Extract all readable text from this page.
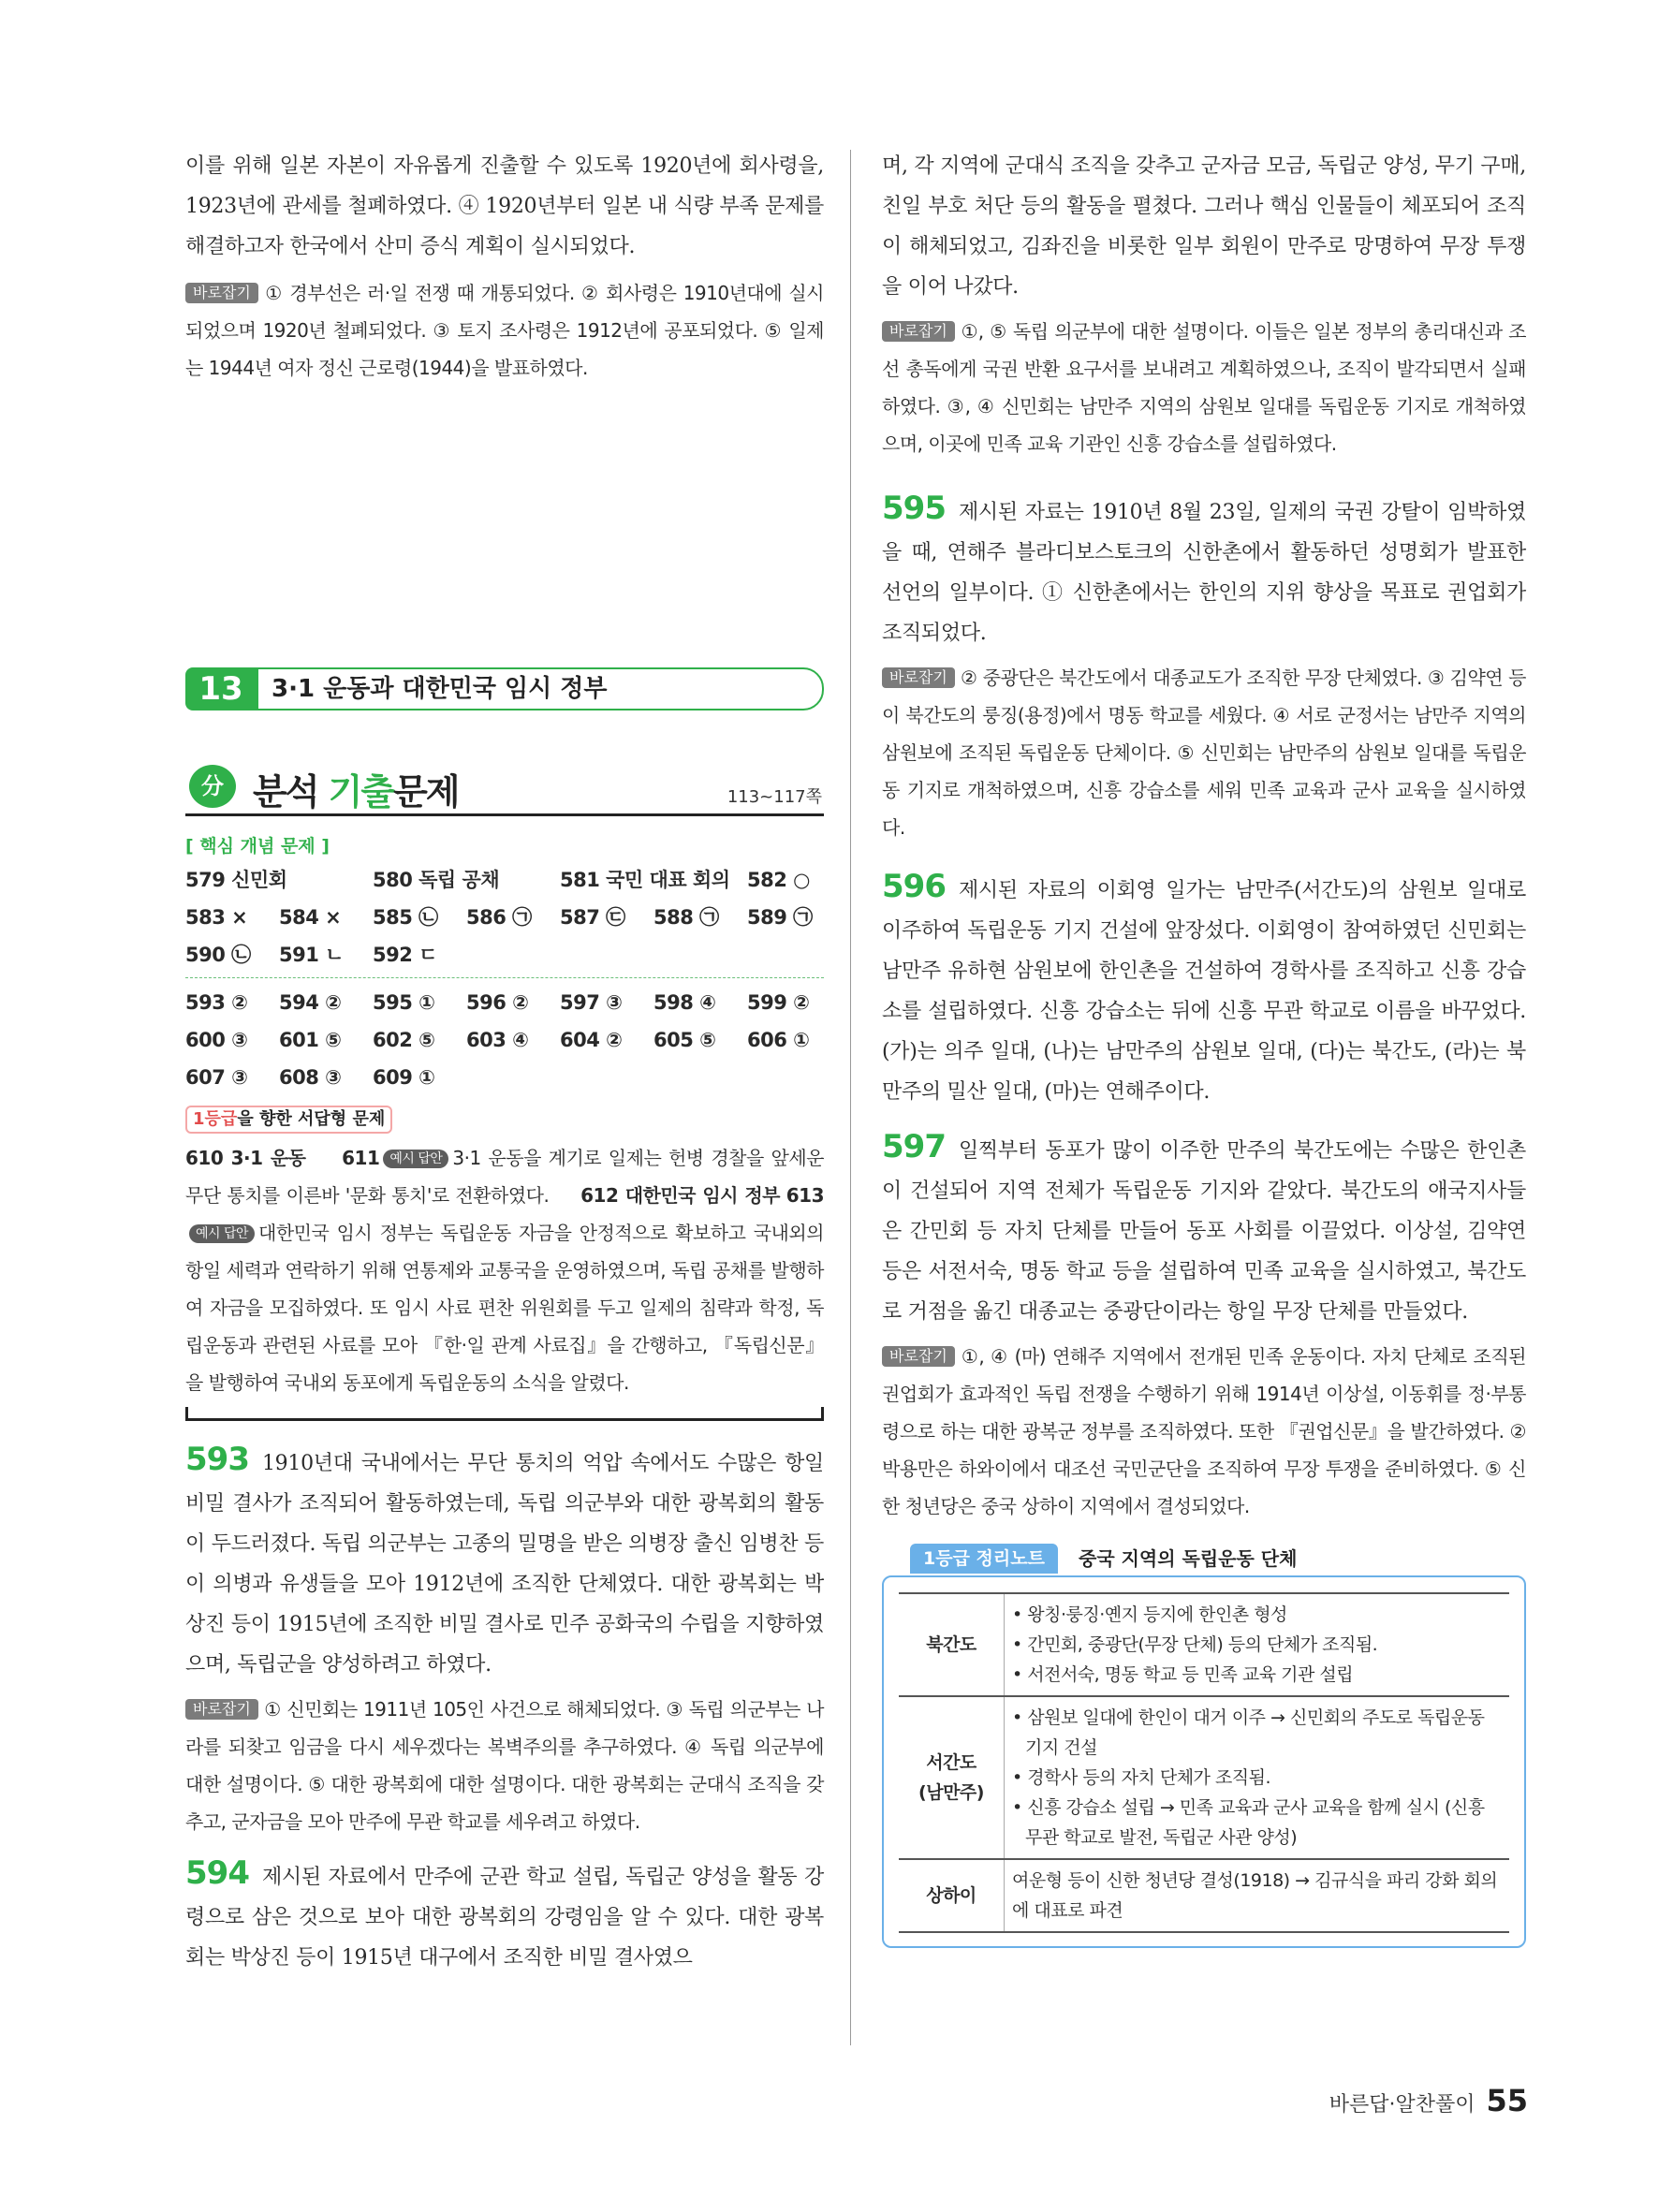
이를 위해 일본 자본이 자유롭게 진출할 수 있도록 1920년에 회사령을, 1923년에 관세를 철폐하였다. ④ 1920년부터 일본 내 식량 부족 문제를 해결하고자 한국에서 산미 증식 계획이 실시되었다.

바로잡기 ① 경부선은 러·일 전쟁 때 개통되었다. ② 회사령은 1910년대에 실시되었으며 1920년 철폐되었다. ③ 토지 조사령은 1912년에 공포되었다. ⑤ 일제는 1944년 여자 정신 근로령(1944)을 발표하였다.

13	3·1 운동과 대한민국 임시 정부
分 분석 기출문제	113~117쪽
[ 핵심 개념 문제 ]
579 신민회	580 독립 공채	581 국민 대표 회의 582 ○
583 ×	584 ×	585 ㉡	586 ㉠	587 ㉢	588 ㉠	589 ㉠
590 ㉡	591 ㄴ	592 ㄷ
593 ②	594 ②	595 ①	596 ②	597 ③	598 ④	599 ②
600 ③	601 ⑤	602 ⑤	603 ④	604 ②	605 ⑤	606 ①
607 ③	608 ③	609 ①
1등급을 향한 서답형 문제
610 3·1 운동 611 예시 답안 3·1 운동을 계기로 일제는 헌병 경찰을 앞세운 무단 통치를 이른바 '문화 통치'로 전환하였다. 612 대한민국 임시 정부 613예시 답안 대한민국 임시 정부는 독립운동 자금을 안정적으로 확보하고 국내외의 항일 세력과 연락하기 위해 연통제와 교통국을 운영하였으며, 독립 공채를 발행하여 자금을 모집하였다. 또 임시 사료 편찬 위원회를 두고 일제의 침략과 학정, 독립운동과 관련된 사료를 모아 『한·일 관계 사료집』을 간행하고, 『독립신문』을 발행하여 국내외 동포에게 독립운동의 소식을 알렸다.

593 1910년대 국내에서는 무단 통치의 억압 속에서도 수많은 항일 비밀 결사가 조직되어 활동하였는데, 독립 의군부와 대한 광복회의 활동이 두드러졌다. 독립 의군부는 고종의 밀명을 받은 의병장 출신 임병찬 등이 의병과 유생들을 모아 1912년에 조직한 단체였다. 대한 광복회는 박상진 등이 1915년에 조직한 비밀 결사로 민주 공화국의 수립을 지향하였으며, 독립군을 양성하려고 하였다.

바로잡기 ① 신민회는 1911년 105인 사건으로 해체되었다. ③ 독립 의군부는 나라를 되찾고 임금을 다시 세우겠다는 복벽주의를 추구하였다. ④ 독립 의군부에 대한 설명이다. ⑤ 대한 광복회에 대한 설명이다. 대한 광복회는 군대식 조직을 갖추고, 군자금을 모아 만주에 무관 학교를 세우려고 하였다.

594 제시된 자료에서 만주에 군관 학교 설립, 독립군 양성을 활동 강령으로 삼은 것으로 보아 대한 광복회의 강령임을 알 수 있다. 대한 광복회는 박상진 등이 1915년 대구에서 조직한 비밀 결사였으

며, 각 지역에 군대식 조직을 갖추고 군자금 모금, 독립군 양성, 무기 구매, 친일 부호 처단 등의 활동을 펼쳤다. 그러나 핵심 인물들이 체포되어 조직이 해체되었고, 김좌진을 비롯한 일부 회원이 만주로 망명하여 무장 투쟁을 이어 나갔다.

바로잡기 ①, ⑤ 독립 의군부에 대한 설명이다. 이들은 일본 정부의 총리대신과 조선 총독에게 국권 반환 요구서를 보내려고 계획하였으나, 조직이 발각되면서 실패하였다. ③, ④ 신민회는 남만주 지역의 삼원보 일대를 독립운동 기지로 개척하였으며, 이곳에 민족 교육 기관인 신흥 강습소를 설립하였다.

595 제시된 자료는 1910년 8월 23일, 일제의 국권 강탈이 임박하였을 때, 연해주 블라디보스토크의 신한촌에서 활동하던 성명회가 발표한 선언의 일부이다. ① 신한촌에서는 한인의 지위 향상을 목표로 권업회가 조직되었다.

바로잡기 ② 중광단은 북간도에서 대종교도가 조직한 무장 단체였다. ③ 김약연 등이 북간도의 룽징(용정)에서 명동 학교를 세웠다. ④ 서로 군정서는 남만주 지역의 삼원보에 조직된 독립운동 단체이다. ⑤ 신민회는 남만주의 삼원보 일대를 독립운동 기지로 개척하였으며, 신흥 강습소를 세워 민족 교육과 군사 교육을 실시하였다.

596 제시된 자료의 이회영 일가는 남만주(서간도)의 삼원보 일대로 이주하여 독립운동 기지 건설에 앞장섰다. 이회영이 참여하였던 신민회는 남만주 유하현 삼원보에 한인촌을 건설하여 경학사를 조직하고 신흥 강습소를 설립하였다. 신흥 강습소는 뒤에 신흥 무관 학교로 이름을 바꾸었다. (가)는 의주 일대, (나)는 남만주의 삼원보 일대, (다)는 북간도, (라)는 북만주의 밀산 일대, (마)는 연해주이다.

597 일찍부터 동포가 많이 이주한 만주의 북간도에는 수많은 한인촌이 건설되어 지역 전체가 독립운동 기지와 같았다. 북간도의 애국지사들은 간민회 등 자치 단체를 만들어 동포 사회를 이끌었다. 이상설, 김약연 등은 서전서숙, 명동 학교 등을 설립하여 민족 교육을 실시하였고, 북간도로 거점을 옮긴 대종교는 중광단이라는 항일 무장 단체를 만들었다.

바로잡기 ①, ④ (마) 연해주 지역에서 전개된 민족 운동이다. 자치 단체로 조직된 권업회가 효과적인 독립 전쟁을 수행하기 위해 1914년 이상설, 이동휘를 정·부통령으로 하는 대한 광복군 정부를 조직하였다. 또한 『권업신문』을 발간하였다. ② 박용만은 하와이에서 대조선 국민군단을 조직하여 무장 투쟁을 준비하였다. ⑤ 신한 청년당은 중국 상하이 지역에서 결성되었다.

1등급 정리노트	중국 지역의 독립운동 단체
북간도	• 왕칭·룽징·옌지 등지에 한인촌 형성
• 간민회, 중광단(무장 단체) 등의 단체가 조직됨.
• 서전서숙, 명동 학교 등 민족 교육 기관 설립

서간도
(남만주)	• 삼원보 일대에 한인이 대거 이주 → 신민회의 주도로 독립운동 기지 건설
• 경학사 등의 자치 단체가 조직됨.
• 신흥 강습소 설립 → 민족 교육과 군사 교육을 함께 실시 (신흥 무관 학교로 발전, 독립군 사관 양성)

상하이	여운형 등이 신한 청년당 결성(1918) → 김규식을 파리 강화 회의에 대표로 파견
바른답·알찬풀이 55
